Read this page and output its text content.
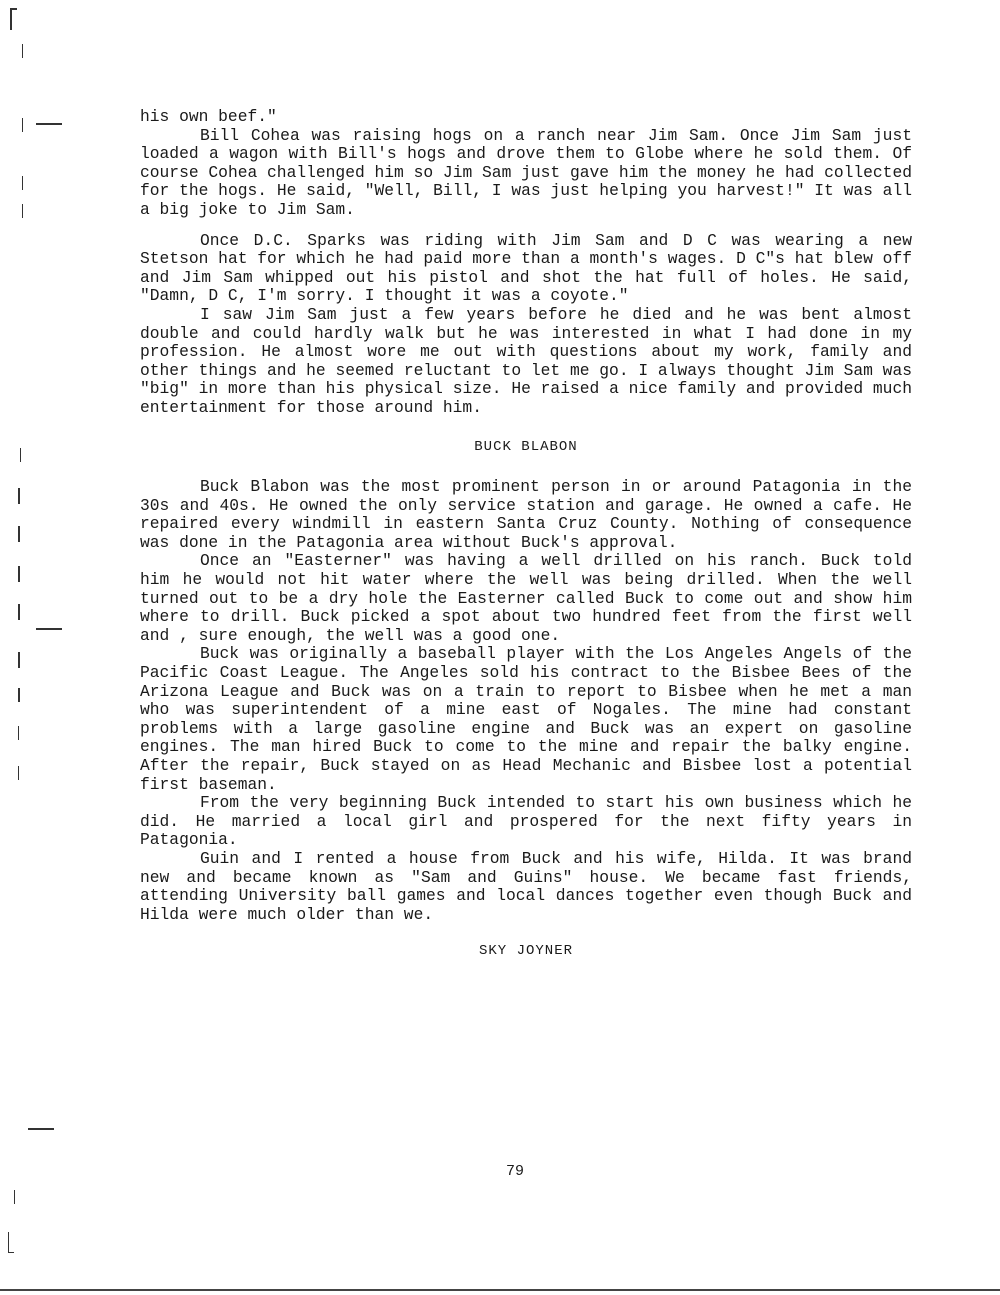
his own beef."

Bill Cohea was raising hogs on a ranch near Jim Sam. Once Jim Sam just loaded a wagon with Bill's hogs and drove them to Globe where he sold them. Of course Cohea challenged him so Jim Sam just gave him the money he had collected for the hogs. He said, "Well, Bill, I was just helping you harvest!" It was all a big joke to Jim Sam.

Once D.C. Sparks was riding with Jim Sam and D C was wearing a new Stetson hat for which he had paid more than a month's wages. D C"s hat blew off and Jim Sam whipped out his pistol and shot the hat full of holes. He said, "Damn, D C, I'm sorry. I thought it was a coyote."

I saw Jim Sam just a few years before he died and he was bent almost double and could hardly walk but he was interested in what I had done in my profession. He almost wore me out with questions about my work, family and other things and he seemed reluctant to let me go. I always thought Jim Sam was "big" in more than his physical size. He raised a nice family and provided much entertainment for those around him.

BUCK BLABON

Buck Blabon was the most prominent person in or around Patagonia in the 30s and 40s. He owned the only service station and garage. He owned a cafe. He repaired every windmill in eastern Santa Cruz County. Nothing of consequence was done in the Patagonia area without Buck's approval.

Once an "Easterner" was having a well drilled on his ranch. Buck told him he would not hit water where the well was being drilled. When the well turned out to be a dry hole the Easterner called Buck to come out and show him where to drill. Buck picked a spot about two hundred feet from the first well and , sure enough, the well was a good one.

Buck was originally a baseball player with the Los Angeles Angels of the Pacific Coast League. The Angeles sold his contract to the Bisbee Bees of the Arizona League and Buck was on a train to report to Bisbee when he met a man who was superintendent of a mine east of Nogales. The mine had constant problems with a large gasoline engine and Buck was an expert on gasoline engines. The man hired Buck to come to the mine and repair the balky engine. After the repair, Buck stayed on as Head Mechanic and Bisbee lost a potential first baseman.

From the very beginning Buck intended to start his own business which he did. He married a local girl and prospered for the next fifty years in Patagonia.

Guin and I rented a house from Buck and his wife, Hilda. It was brand new and became known as "Sam and Guins" house. We became fast friends, attending University ball games and local dances together even though Buck and Hilda were much older than we.

SKY JOYNER

79
